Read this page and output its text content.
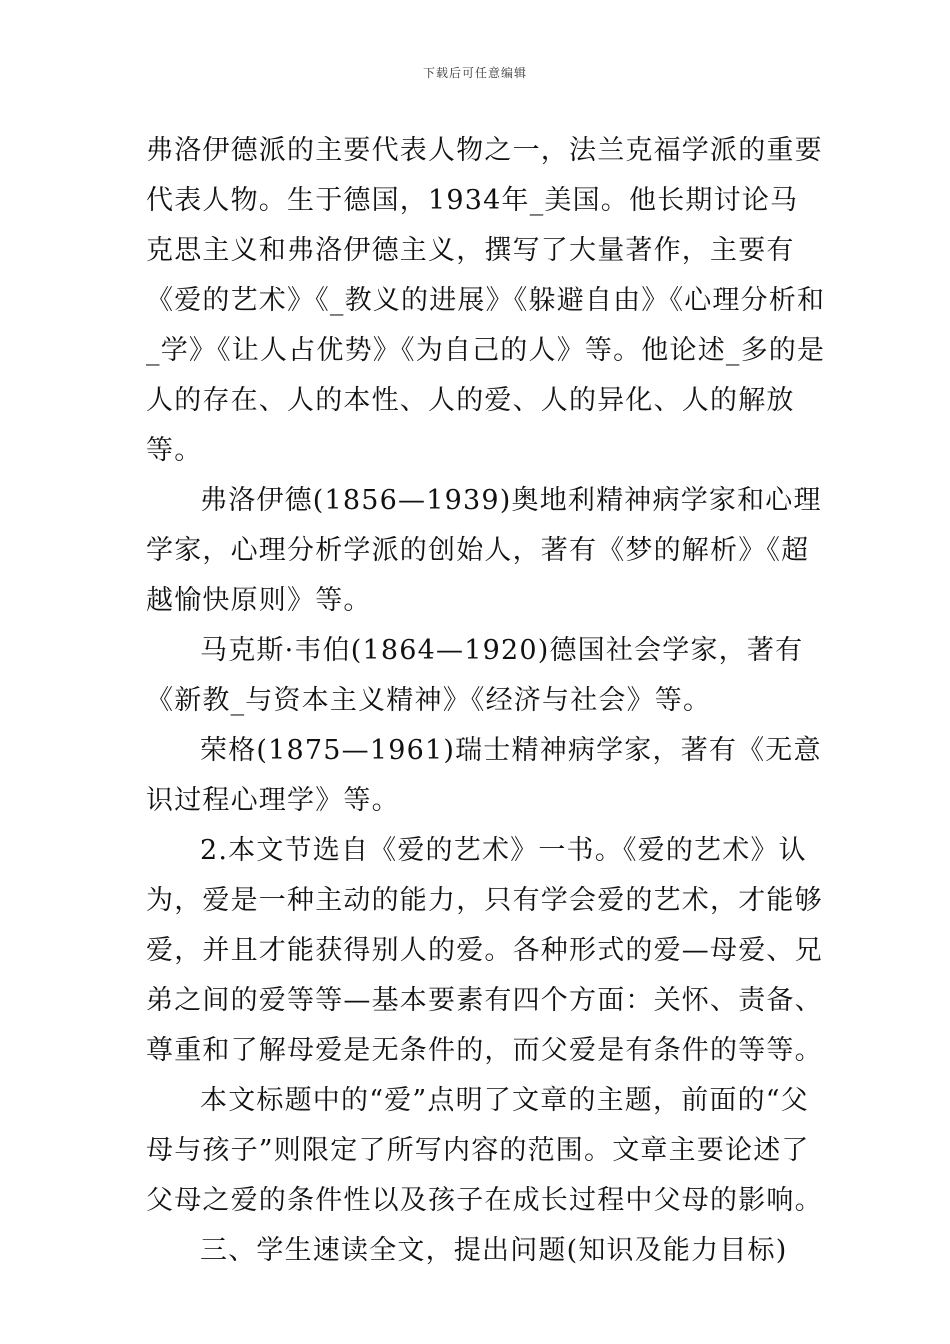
下载后可任意编辑

弗洛伊德派的主要代表人物之一，法兰克福学派的重要代表人物。生于德国，1934年_美国。他长期讨论马克思主义和弗洛伊德主义，撰写了大量著作，主要有《爱的艺术》《_教义的进展》《躲避自由》《心理分析和_学》《让人占优势》《为自己的人》等。他论述_多的是人的存在、人的本性、人的爱、人的异化、人的解放等。

弗洛伊德(1856—1939)奥地利精神病学家和心理学家，心理分析学派的创始人，著有《梦的解析》《超越愉快原则》等。

马克斯·韦伯(1864—1920)德国社会学家，著有《新教_与资本主义精神》《经济与社会》等。

荣格(1875—1961)瑞士精神病学家，著有《无意识过程心理学》等。

2.本文节选自《爱的艺术》一书。《爱的艺术》认为，爱是一种主动的能力，只有学会爱的艺术，才能够爱，并且才能获得别人的爱。各种形式的爱—母爱、兄弟之间的爱等等—基本要素有四个方面：关怀、责备、尊重和了解母爱是无条件的，而父爱是有条件的等等。

本文标题中的“爱”点明了文章的主题，前面的“父母与孩子”则限定了所写内容的范围。文章主要论述了父母之爱的条件性以及孩子在成长过程中父母的影响。

三、学生速读全文，提出问题(知识及能力目标)
